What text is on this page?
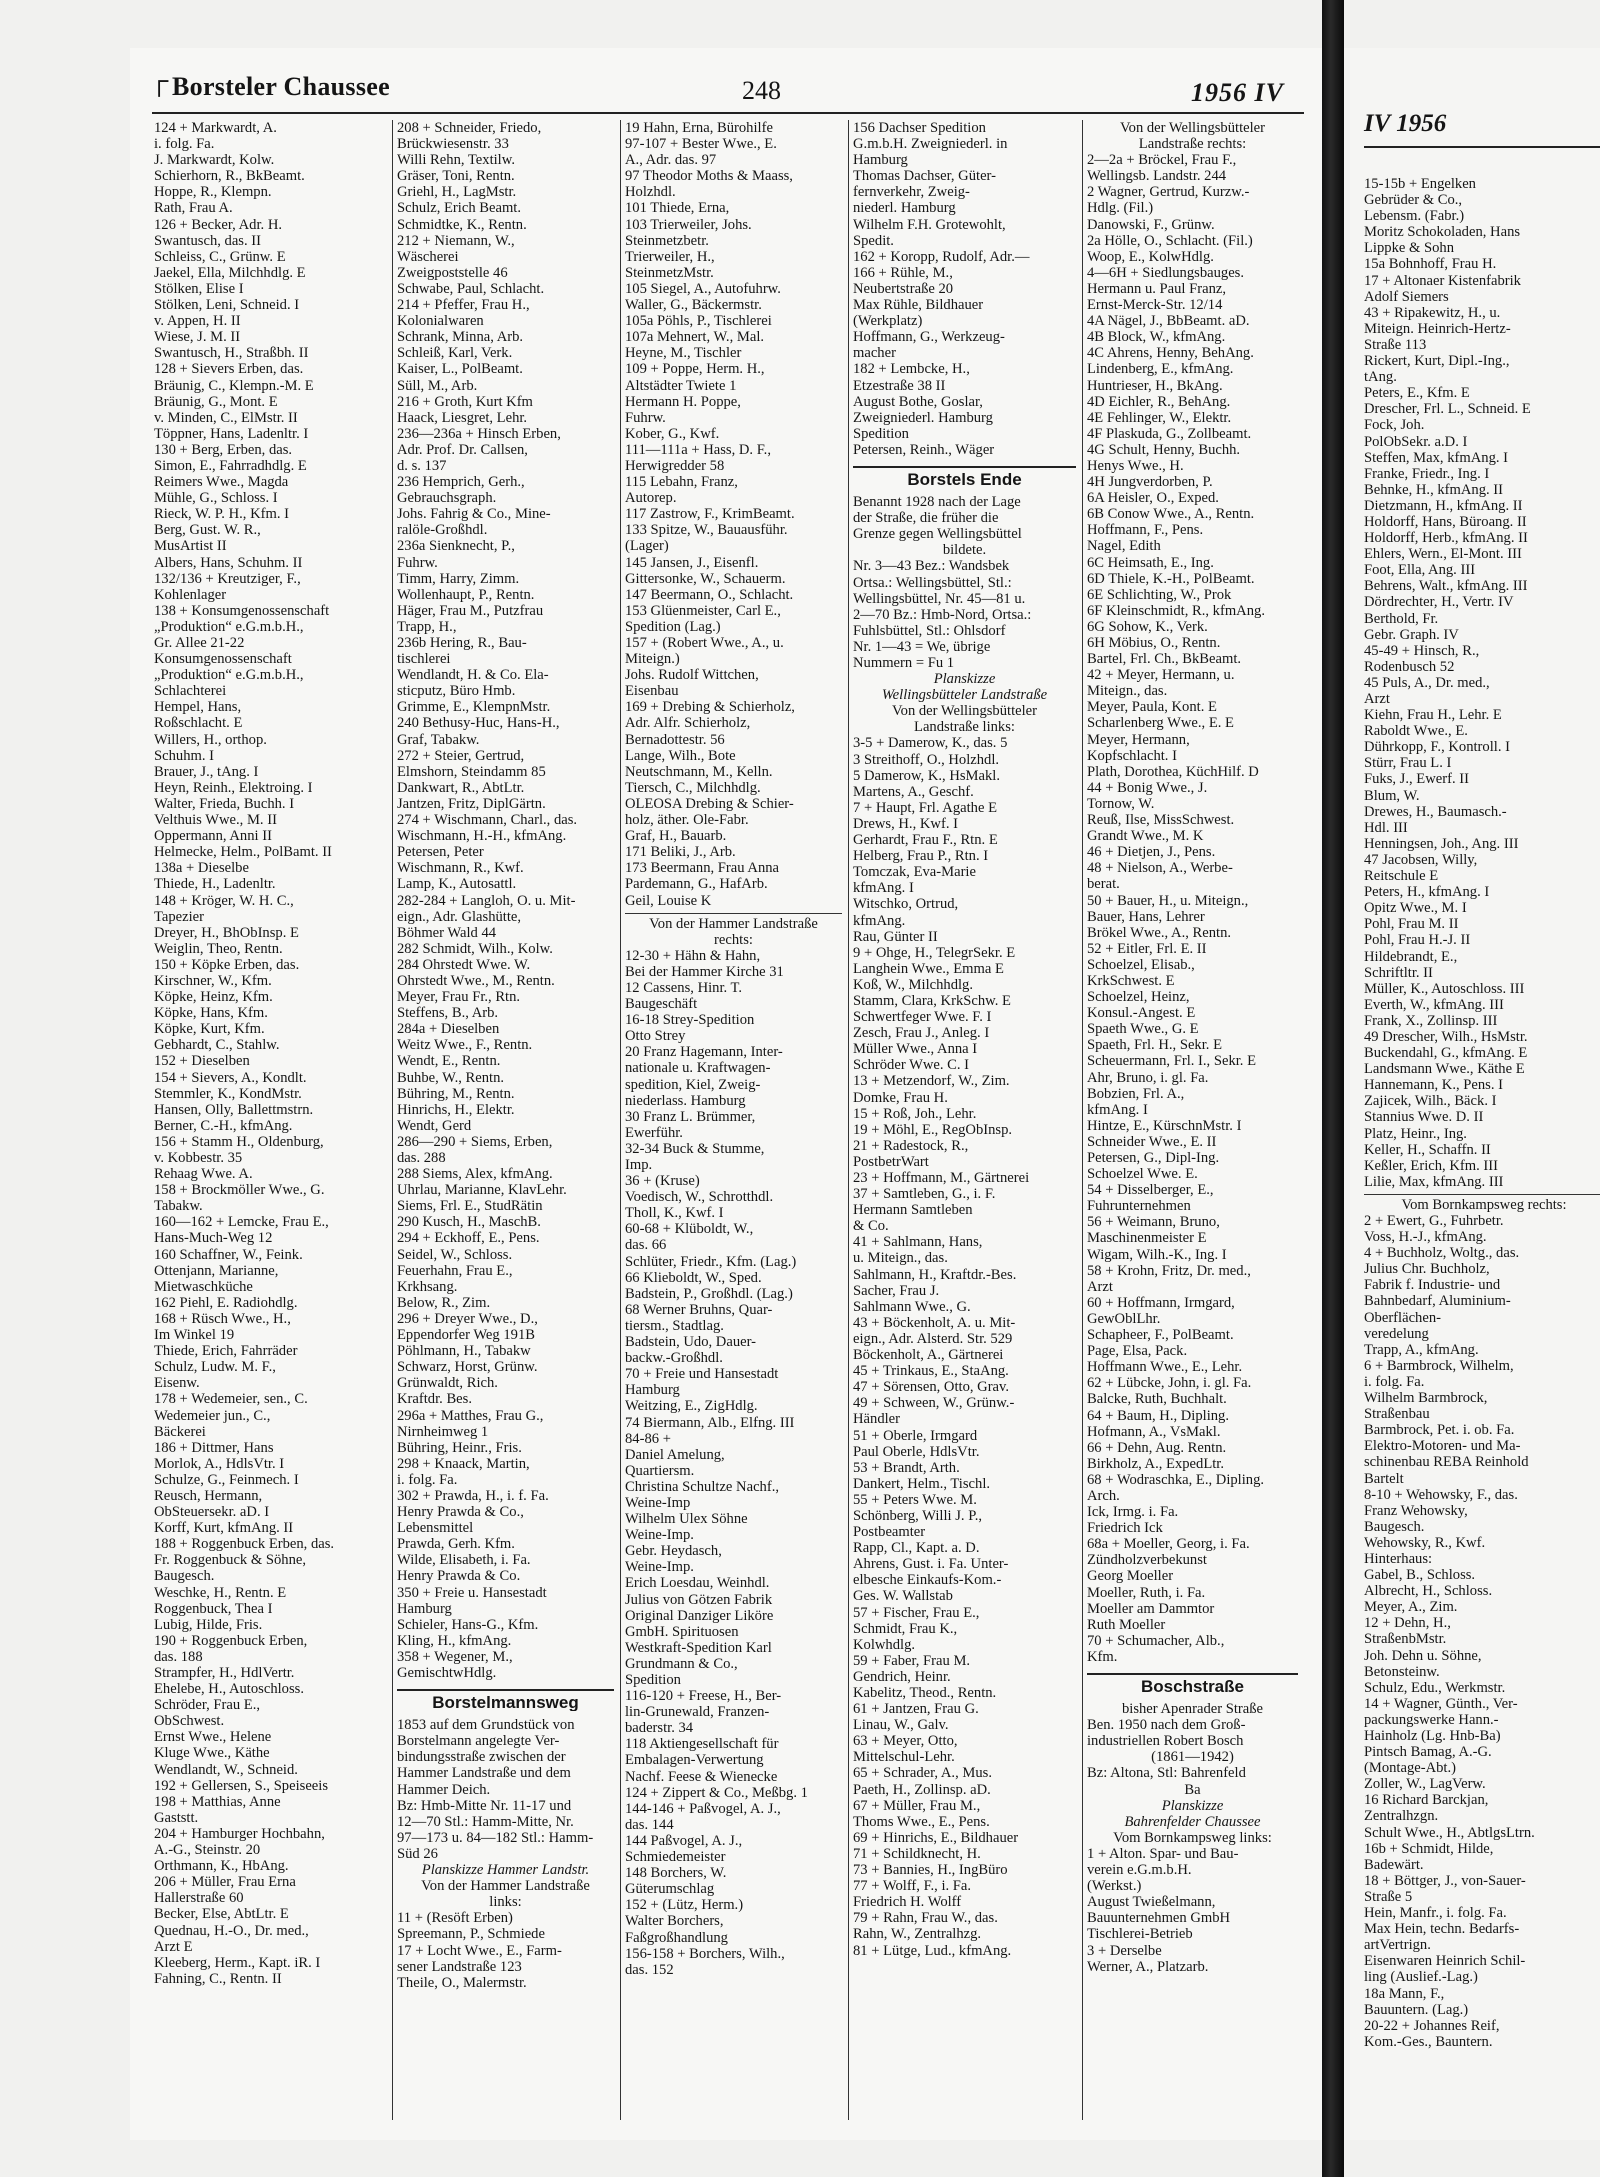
┌ Borsteler Chaussee	248	1956 IV
124 + Markwardt, A.
i. folg. Fa.
J. Markwardt, Kolw.
Schierhorn, R., BkBeamt.
Hoppe, R., Klempn.
Rath, Frau A.
126 + Becker, Adr. H.
Swantusch, das. II
Schleiss, C., Grünw. E
Jaekel, Ella, Milchhdlg. E
Stölken, Elise I
Stölken, Leni, Schneid. I
v. Appen, H. II
Wiese, J. M. II
Swantusch, H., Straßbh. II
128 + Sievers Erben, das.
Bräunig, C., Klempn.-M. E
Bräunig, G., Mont. E
v. Minden, C., ElMstr. II
Töppner, Hans, Ladenltr. I
130 + Berg, Erben, das.
Simon, E., Fahrradhdlg. E
Reimers Wwe., Magda
Mühle, G., Schloss. I
Rieck, W. P. H., Kfm. I
Berg, Gust. W. R.,
MusArtist II
Albers, Hans, Schuhm. II
132/136 + Kreutziger, F.,
Kohlenlager
138 + Konsumgenossenschaft
„Produktion“ e.G.m.b.H.,
Gr. Allee 21-22
Konsumgenossenschaft
„Produktion“ e.G.m.b.H.,
Schlachterei
Hempel, Hans,
Roßschlacht. E
Willers, H., orthop.
Schuhm. I
Brauer, J., tAng. I
Heyn, Reinh., Elektroing. I
Walter, Frieda, Buchh. I
Velthuis Wwe., M. II
Oppermann, Anni II
Helmecke, Helm., PolBamt. II
138a + Dieselbe
Thiede, H., Ladenltr.
148 + Kröger, W. H. C.,
Tapezier
Dreyer, H., BhObInsp. E
Weiglin, Theo, Rentn.
150 + Köpke Erben, das.
Kirschner, W., Kfm.
Köpke, Heinz, Kfm.
Köpke, Hans, Kfm.
Köpke, Kurt, Kfm.
Gebhardt, C., Stahlw.
152 + Dieselben
154 + Sievers, A., Kondlt.
Stemmler, K., KondMstr.
Hansen, Olly, Ballettmstrn.
Berner, C.-H., kfmAng.
156 + Stamm H., Oldenburg,
v. Kobbestr. 35
Rehaag Wwe. A.
158 + Brockmöller Wwe., G.
Tabakw.
160—162 + Lemcke, Frau E.,
Hans-Much-Weg 12
160 Schaffner, W., Feink.
Ottenjann, Marianne,
Mietwaschküche
162 Piehl, E. Radiohdlg.
168 + Rüsch Wwe., H.,
Im Winkel 19
Thiede, Erich, Fahrräder
Schulz, Ludw. M. F.,
Eisenw.
178 + Wedemeier, sen., C.
Wedemeier jun., C.,
Bäckerei
186 + Dittmer, Hans
Morlok, A., HdlsVtr. I
Schulze, G., Feinmech. I
Reusch, Hermann,
ObSteuersekr. aD. I
Korff, Kurt, kfmAng. II
188 + Roggenbuck Erben, das.
Fr. Roggenbuck & Söhne,
Baugesch.
Weschke, H., Rentn. E
Roggenbuck, Thea I
Lubig, Hilde, Fris.
190 + Roggenbuck Erben,
das. 188
Strampfer, H., HdlVertr.
Ehelebe, H., Autoschloss.
Schröder, Frau E.,
ObSchwest.
Ernst Wwe., Helene
Kluge Wwe., Käthe
Wendlandt, W., Schneid.
192 + Gellersen, S., Speiseeis
198 + Matthias, Anne
Gaststt.
204 + Hamburger Hochbahn,
A.-G., Steinstr. 20
Orthmann, K., HbAng.
206 + Müller, Frau Erna
Hallerstraße 60
Becker, Else, AbtLtr. E
Quednau, H.-O., Dr. med.,
Arzt E
Kleeberg, Herm., Kapt. iR. I
Fahning, C., Rentn. II
208 + Schneider, Friedo,
Brückwiesenstr. 33
Willi Rehn, Textilw.
Gräser, Toni, Rentn.
Griehl, H., LagMstr.
Schulz, Erich Beamt.
Schmidtke, K., Rentn.
212 + Niemann, W.,
Wäscherei
Zweigpoststelle 46
Schwabe, Paul, Schlacht.
214 + Pfeffer, Frau H.,
Kolonialwaren
Schrank, Minna, Arb.
Schleiß, Karl, Verk.
Kaiser, L., PolBeamt.
Süll, M., Arb.
216 + Groth, Kurt Kfm
Haack, Liesgret, Lehr.
236—236a + Hinsch Erben,
Adr. Prof. Dr. Callsen,
d. s. 137
236 Hemprich, Gerh.,
Gebrauchsgraph.
Johs. Fahrig & Co., Mine-
ralöle-Großhdl.
236a Sienknecht, P.,
Fuhrw.
Timm, Harry, Zimm.
Wollenhaupt, P., Rentn.
Häger, Frau M., Putzfrau
Trapp, H.,
236b Hering, R., Bau-
tischlerei
Wendlandt, H. & Co. Ela-
sticputz, Büro Hmb.
Grimme, E., KlempnMstr.
240 Bethusy-Huc, Hans-H.,
Graf, Tabakw.
272 + Steier, Gertrud,
Elmshorn, Steindamm 85
Dankwart, R., AbtLtr.
Jantzen, Fritz, DiplGärtn.
274 + Wischmann, Charl., das.
Wischmann, H.-H., kfmAng.
Petersen, Peter
Wischmann, R., Kwf.
Lamp, K., Autosattl.
282-284 + Langloh, O. u. Mit-
eign., Adr. Glashütte,
Böhmer Wald 44
282 Schmidt, Wilh., Kolw.
284 Ohrstedt Wwe. W.
Ohrstedt Wwe., M., Rentn.
Meyer, Frau Fr., Rtn.
Steffens, B., Arb.
284a + Dieselben
Weitz Wwe., F., Rentn.
Wendt, E., Rentn.
Buhbe, W., Rentn.
Bühring, M., Rentn.
Hinrichs, H., Elektr.
Wendt, Gerd
286—290 + Siems, Erben,
das. 288
288 Siems, Alex, kfmAng.
Uhrlau, Marianne, KlavLehr.
Siems, Frl. E., StudRätin
290 Kusch, H., MaschB.
294 + Eckhoff, E., Pens.
Seidel, W., Schloss.
Feuerhahn, Frau E.,
Krkhsang.
Below, R., Zim.
296 + Dreyer Wwe., D.,
Eppendorfer Weg 191B
Pöhlmann, H., Tabakw
Schwarz, Horst, Grünw.
Grünwaldt, Rich.
Kraftdr. Bes.
296a + Matthes, Frau G.,
Nirnheimweg 1
Bühring, Heinr., Fris.
298 + Knaack, Martin,
i. folg. Fa.
302 + Prawda, H., i. f. Fa.
Henry Prawda & Co.,
Lebensmittel
Prawda, Gerh. Kfm.
Wilde, Elisabeth, i. Fa.
Henry Prawda & Co.
350 + Freie u. Hansestadt
Hamburg
Schieler, Hans-G., Kfm.
Kling, H., kfmAng.
358 + Wegener, M.,
GemischtwHdlg.
Borstelmannsweg
1853 auf dem Grundstück von
Borstelmann angelegte Ver-
bindungsstraße zwischen der
Hammer Landstraße und dem
Hammer Deich.
Bz: Hmb-Mitte Nr. 11-17 und
12—70 Stl.: Hamm-Mitte, Nr.
97—173 u. 84—182 Stl.: Hamm-
Süd 26
Planskizze Hammer Landstr.
Von der Hammer Landstraße
links:
11 + (Resöft Erben)
Spreemann, P., Schmiede
17 + Locht Wwe., E., Farm-
sener Landstraße 123
Theile, O., Malermstr.
19 Hahn, Erna, Bürohilfe
97-107 + Bester Wwe., E.
A., Adr. das. 97
97 Theodor Moths & Maass,
Holzhdl.
101 Thiede, Erna,
103 Trierweiler, Johs.
Steinmetzbetr.
Trierweiler, H.,
SteinmetzMstr.
105 Siegel, A., Autofuhrw.
Waller, G., Bäckermstr.
105a Pöhls, P., Tischlerei
107a Mehnert, W., Mal.
Heyne, M., Tischler
109 + Poppe, Herm. H.,
Altstädter Twiete 1
Hermann H. Poppe,
Fuhrw.
Kober, G., Kwf.
111—111a + Hass, D. F.,
Herwigredder 58
115 Lebahn, Franz,
Autorep.
117 Zastrow, F., KrimBeamt.
133 Spitze, W., Bauausführ.
(Lager)
145 Jansen, J., Eisenfl.
Gittersonke, W., Schauerm.
147 Beermann, O., Schlacht.
153 Glüenmeister, Carl E.,
Spedition (Lag.)
157 + (Robert Wwe., A., u.
Miteign.)
Johs. Rudolf Wittchen,
Eisenbau
169 + Drebing & Schierholz,
Adr. Alfr. Schierholz,
Bernadottestr. 56
Lange, Wilh., Bote
Neutschmann, M., Kelln.
Tiersch, C., Milchhdlg.
OLEOSA Drebing & Schier-
holz, äther. Ole-Fabr.
Graf, H., Bauarb.
171 Beliki, J., Arb.
173 Beermann, Frau Anna
Pardemann, G., HafArb.
Geil, Louise K
Von der Hammer Landstraße
rechts:
12-30 + Hähn & Hahn,
Bei der Hammer Kirche 31
12 Cassens, Hinr. T.
Baugeschäft
16-18 Strey-Spedition
Otto Strey
20 Franz Hagemann, Inter-
nationale u. Kraftwagen-
spedition, Kiel, Zweig-
niederlass. Hamburg
30 Franz L. Brümmer,
Ewerführ.
32-34 Buck & Stumme,
Imp.
36 + (Kruse)
Voedisch, W., Schrotthdl.
Tholl, K., Kwf. I
60-68 + Klüboldt, W.,
das. 66
Schlüter, Friedr., Kfm. (Lag.)
66 Klieboldt, W., Sped.
Badstein, P., Großhdl. (Lag.)
68 Werner Bruhns, Quar-
tiersm., Stadtlag.
Badstein, Udo, Dauer-
backw.-Großhdl.
70 + Freie und Hansestadt
Hamburg
Weitzing, E., ZigHdlg.
74 Biermann, Alb., Elfng. III
84-86 +
Daniel Amelung,
Quartiersm.
Christina Schultze Nachf.,
Weine-Imp
Wilhelm Ulex Söhne
Weine-Imp.
Gebr. Heydasch,
Weine-Imp.
Erich Loesdau, Weinhdl.
Julius von Götzen Fabrik
Original Danziger Liköre
GmbH. Spirituosen
Westkraft-Spedition Karl
Grundmann & Co.,
Spedition
116-120 + Freese, H., Ber-
lin-Grunewald, Franzen-
baderstr. 34
118 Aktiengesellschaft für
Embalagen-Verwertung
Nachf. Feese & Wienecke
124 + Zippert & Co., Meßbg. 1
144-146 + Paßvogel, A. J.,
das. 144
144 Paßvogel, A. J.,
Schmiedemeister
148 Borchers, W.
Güterumschlag
152 + (Lütz, Herm.)
Walter Borchers,
Faßgroßhandlung
156-158 + Borchers, Wilh.,
das. 152
156 Dachser Spedition
G.m.b.H. Zweigniederl. in
Hamburg
Thomas Dachser, Güter-
fernverkehr, Zweig-
niederl. Hamburg
Wilhelm F.H. Grotewohlt,
Spedit.
162 + Koropp, Rudolf, Adr.—
166 + Rühle, M.,
Neubertstraße 20
Max Rühle, Bildhauer
(Werkplatz)
Hoffmann, G., Werkzeug-
macher
182 + Lembcke, H.,
Etzestraße 38 II
August Bothe, Goslar,
Zweigniederl. Hamburg
Spedition
Petersen, Reinh., Wäger
Borstels Ende
Benannt 1928 nach der Lage
der Straße, die früher die
Grenze gegen Wellingsbüttel
bildete.
Nr. 3—43 Bez.: Wandsbek
Ortsa.: Wellingsbüttel, Stl.:
Wellingsbüttel, Nr. 45—81 u.
2—70 Bz.: Hmb-Nord, Ortsa.:
Fuhlsbüttel, Stl.: Ohlsdorf
Nr. 1—43 = We, übrige
Nummern = Fu 1
Planskizze
Wellingsbütteler Landstraße
Von der Wellingsbütteler
Landstraße links:
3-5 + Damerow, K., das. 5
3 Streithoff, O., Holzhdl.
5 Damerow, K., HsMakl.
Martens, A., Geschf.
7 + Haupt, Frl. Agathe E
Drews, H., Kwf. I
Gerhardt, Frau F., Rtn. E
Helberg, Frau P., Rtn. I
Tomczak, Eva-Marie
kfmAng. I
Witschko, Ortrud,
kfmAng.
Rau, Günter II
9 + Ohge, H., TelegrSekr. E
Langhein Wwe., Emma E
Koß, W., Milchhdlg.
Stamm, Clara, KrkSchw. E
Schwertfeger Wwe. F. I
Zesch, Frau J., Anleg. I
Müller Wwe., Anna I
Schröder Wwe. C. I
13 + Metzendorf, W., Zim.
Domke, Frau H.
15 + Roß, Joh., Lehr.
19 + Möhl, E., RegObInsp.
21 + Radestock, R.,
PostbetrWart
23 + Hoffmann, M., Gärtnerei
37 + Samtleben, G., i. F.
Hermann Samtleben
& Co.
41 + Sahlmann, Hans,
u. Miteign., das.
Sahlmann, H., Kraftdr.-Bes.
Sacher, Frau J.
Sahlmann Wwe., G.
43 + Böckenholt, A. u. Mit-
eign., Adr. Alsterd. Str. 529
Böckenholt, A., Gärtnerei
45 + Trinkaus, E., StaAng.
47 + Sörensen, Otto, Grav.
49 + Schween, W., Grünw.-
Händler
51 + Oberle, Irmgard
Paul Oberle, HdlsVtr.
53 + Brandt, Arth.
Dankert, Helm., Tischl.
55 + Peters Wwe. M.
Schönberg, Willi J. P.,
Postbeamter
Rapp, Cl., Kapt. a. D.
Ahrens, Gust. i. Fa. Unter-
elbesche Einkaufs-Kom.-
Ges. W. Wallstab
57 + Fischer, Frau E.,
Schmidt, Frau K.,
Kolwhdlg.
59 + Faber, Frau M.
Gendrich, Heinr.
Kabelitz, Theod., Rentn.
61 + Jantzen, Frau G.
Linau, W., Galv.
63 + Meyer, Otto,
Mittelschul-Lehr.
65 + Schrader, A., Mus.
Paeth, H., Zollinsp. aD.
67 + Müller, Frau M.,
Thoms Wwe., E., Pens.
69 + Hinrichs, E., Bildhauer
71 + Schildknecht, H.
73 + Bannies, H., IngBüro
77 + Wolff, F., i. Fa.
Friedrich H. Wolff
79 + Rahn, Frau W., das.
Rahn, W., Zentralhzg.
81 + Lütge, Lud., kfmAng.
Von der Wellingsbütteler
Landstraße rechts:
2—2a + Bröckel, Frau F.,
Wellingsb. Landstr. 244
2 Wagner, Gertrud, Kurzw.-
Hdlg. (Fil.)
Danowski, F., Grünw.
2a Hölle, O., Schlacht. (Fil.)
Woop, E., KolwHdlg.
4—6H + Siedlungsbauges.
Hermann u. Paul Franz,
Ernst-Merck-Str. 12/14
4A Nägel, J., BbBeamt. aD.
4B Block, W., kfmAng.
4C Ahrens, Henny, BehAng.
Lindenberg, E., kfmAng.
Huntrieser, H., BkAng.
4D Eichler, R., BehAng.
4E Fehlinger, W., Elektr.
4F Plaskuda, G., Zollbeamt.
4G Schult, Henny, Buchh.
Henys Wwe., H.
4H Jungverdorben, P.
6A Heisler, O., Exped.
6B Conow Wwe., A., Rentn.
Hoffmann, F., Pens.
Nagel, Edith
6C Heimsath, E., Ing.
6D Thiele, K.-H., PolBeamt.
6E Schlichting, W., Prok
6F Kleinschmidt, R., kfmAng.
6G Sohow, K., Verk.
6H Möbius, O., Rentn.
Bartel, Frl. Ch., BkBeamt.
42 + Meyer, Hermann, u.
Miteign., das.
Meyer, Paula, Kont. E
Scharlenberg Wwe., E. E
Meyer, Hermann,
Kopfschlacht. I
Plath, Dorothea, KüchHilf. D
44 + Bonig Wwe., J.
Tornow, W.
Reuß, Ilse, MissSchwest.
Grandt Wwe., M. K
46 + Dietjen, J., Pens.
48 + Nielson, A., Werbe-
berat.
50 + Bauer, H., u. Miteign.,
Bauer, Hans, Lehrer
Brökel Wwe., A., Rentn.
52 + Eitler, Frl. E. II
Schoelzel, Elisab.,
KrkSchwest. E
Schoelzel, Heinz,
Konsul.-Angest. E
Spaeth Wwe., G. E
Spaeth, Frl. H., Sekr. E
Scheuermann, Frl. I., Sekr. E
Ahr, Bruno, i. gl. Fa.
Bobzien, Frl. A.,
kfmAng. I
Hintze, E., KürschnMstr. I
Schneider Wwe., E. II
Petersen, G., Dipl-Ing.
Schoelzel Wwe. E.
54 + Disselberger, E.,
Fuhrunternehmen
56 + Weimann, Bruno,
Maschinenmeister E
Wigam, Wilh.-K., Ing. I
58 + Krohn, Fritz, Dr. med.,
Arzt
60 + Hoffmann, Irmgard,
GewOblLhr.
Schapheer, F., PolBeamt.
Page, Elsa, Pack.
Hoffmann Wwe., E., Lehr.
62 + Lübcke, John, i. gl. Fa.
Balcke, Ruth, Buchhalt.
64 + Baum, H., Dipling.
Hofmann, A., VsMakl.
66 + Dehn, Aug. Rentn.
Birkholz, A., ExpedLtr.
68 + Wodraschka, E., Dipling.
Arch.
Ick, Irmg. i. Fa.
Friedrich Ick
68a + Moeller, Georg, i. Fa.
Zündholzverbekunst
Georg Moeller
Moeller, Ruth, i. Fa.
Moeller am Dammtor
Ruth Moeller
70 + Schumacher, Alb.,
Kfm.
Boschstraße
bisher Apenrader Straße
Ben. 1950 nach dem Groß-
industriellen Robert Bosch
(1861—1942)
Bz: Altona, Stl: Bahrenfeld
Ba
Planskizze
Bahrenfelder Chaussee
Vom Bornkampsweg links:
1 + Alton. Spar- und Bau-
verein e.G.m.b.H.
(Werkst.)
August Twießelmann,
Bauunternehmen GmbH
Tischlerei-Betrieb
3 + Derselbe
Werner, A., Platzarb.
IV 1956
15-15b + Engelken
Gebrüder & Co.,
Lebensm. (Fabr.)
Moritz Schokoladen, Hans
Lippke & Sohn
15a Bohnhoff, Frau H.
17 + Altonaer Kistenfabrik
Adolf Siemers
43 + Ripakewitz, H., u.
Miteign. Heinrich-Hertz-
Straße 113
Rickert, Kurt, Dipl.-Ing.,
tAng.
Peters, E., Kfm. E
Drescher, Frl. L., Schneid. E
Fock, Joh.
PolObSekr. a.D. I
Steffen, Max, kfmAng. I
Franke, Friedr., Ing. I
Behnke, H., kfmAng. II
Dietzmann, H., kfmAng. II
Holdorff, Hans, Büroang. II
Holdorff, Herb., kfmAng. II
Ehlers, Wern., El-Mont. III
Foot, Ella, Ang. III
Behrens, Walt., kfmAng. III
Dördrechter, H., Vertr. IV
Berthold, Fr.
Gebr. Graph. IV
45-49 + Hinsch, R.,
Rodenbusch 52
45 Puls, A., Dr. med.,
Arzt
Kiehn, Frau H., Lehr. E
Raboldt Wwe., E.
Dührkopp, F., Kontroll. I
Stürr, Frau L. I
Fuks, J., Ewerf. II
Blum, W.
Drewes, H., Baumasch.-
Hdl. III
Henningsen, Joh., Ang. III
47 Jacobsen, Willy,
Reitschule E
Peters, H., kfmAng. I
Opitz Wwe., M. I
Pohl, Frau M. II
Pohl, Frau H.-J. II
Hildebrandt, E.,
Schriftltr. II
Müller, K., Autoschloss. III
Everth, W., kfmAng. III
Frank, X., Zollinsp. III
49 Drescher, Wilh., HsMstr.
Buckendahl, G., kfmAng. E
Landsmann Wwe., Käthe E
Hannemann, K., Pens. I
Zajicek, Wilh., Bäck. I
Stannius Wwe. D. II
Platz, Heinr., Ing.
Keller, H., Schaffn. II
Keßler, Erich, Kfm. III
Lilie, Max, kfmAng. III
Vom Bornkampsweg rechts:
2 + Ewert, G., Fuhrbetr.
Voss, H.-J., kfmAng.
4 + Buchholz, Woltg., das.
Julius Chr. Buchholz,
Fabrik f. Industrie- und
Bahnbedarf, Aluminium-
Oberflächen-
veredelung
Trapp, A., kfmAng.
6 + Barmbrock, Wilhelm,
i. folg. Fa.
Wilhelm Barmbrock,
Straßenbau
Barmbrock, Pet. i. ob. Fa.
Elektro-Motoren- und Ma-
schinenbau REBA Reinhold
Bartelt
8-10 + Wehowsky, F., das.
Franz Wehowsky,
Baugesch.
Wehowsky, R., Kwf.
Hinterhaus:
Gabel, B., Schloss.
Albrecht, H., Schloss.
Meyer, A., Zim.
12 + Dehn, H.,
StraßenbMstr.
Joh. Dehn u. Söhne,
Betonsteinw.
Schulz, Edu., Werkmstr.
14 + Wagner, Günth., Ver-
packungswerke Hann.-
Hainholz (Lg. Hnb-Ba)
Pintsch Bamag, A.-G.
(Montage-Abt.)
Zoller, W., LagVerw.
16 Richard Barckjan,
Zentralhzgn.
Schult Wwe., H., AbtlgsLtrn.
16b + Schmidt, Hilde,
Badewärt.
18 + Böttger, J., von-Sauer-
Straße 5
Hein, Manfr., i. folg. Fa.
Max Hein, techn. Bedarfs-
artVertrign.
Eisenwaren Heinrich Schil-
ling (Auslief.-Lag.)
18a Mann, F.,
Bauuntern. (Lag.)
20-22 + Johannes Reif,
Kom.-Ges., Bauntern.
